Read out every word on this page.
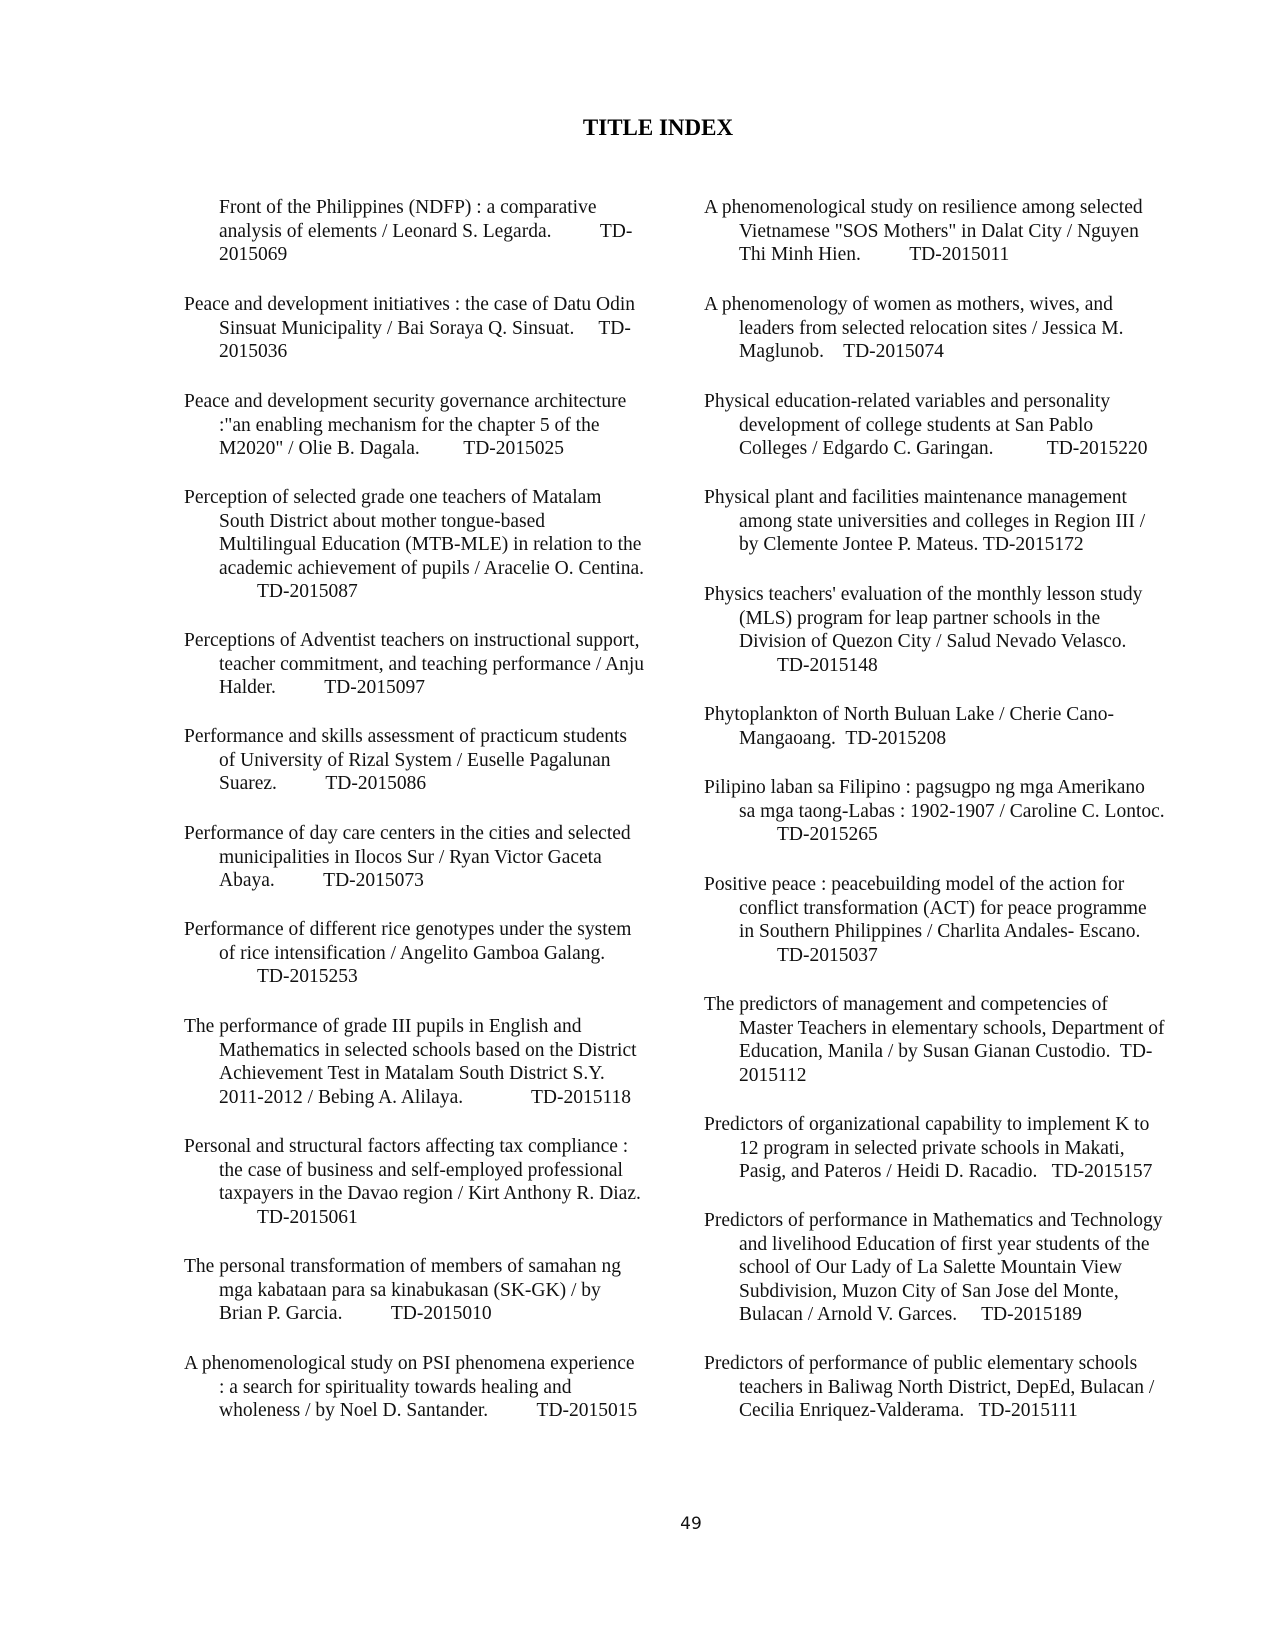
TITLE INDEX
Front of the Philippines (NDFP) : a comparative
analysis of elements / Leonard S. Legarda.          TD-
2015069
Peace and development initiatives : the case of Datu Odin
Sinsuat Municipality / Bai Soraya Q. Sinsuat.     TD-
2015036
Peace and development security governance architecture
:"an enabling mechanism for the chapter 5 of the
M2020" / Olie B. Dagala.         TD-2015025
Perception of selected grade one teachers of Matalam
South District about mother tongue-based
Multilingual Education (MTB-MLE) in relation to the
academic achievement of pupils / Aracelie O. Centina.
TD-2015087
Perceptions of Adventist teachers on instructional support,
teacher commitment, and teaching performance / Anju
Halder.          TD-2015097
Performance and skills assessment of practicum students
of University of Rizal System / Euselle Pagalunan
Suarez.          TD-2015086
Performance of day care centers in the cities and selected
municipalities in Ilocos Sur / Ryan Victor Gaceta
Abaya.          TD-2015073
Performance of different rice genotypes under the system
of rice intensification / Angelito Gamboa Galang.
TD-2015253
The performance of grade III pupils in English and
Mathematics in selected schools based on the District
Achievement Test in Matalam South District S.Y.
2011-2012 / Bebing A. Alilaya.              TD-2015118
Personal and structural factors affecting tax compliance :
the case of business and self-employed professional
taxpayers in the Davao region / Kirt Anthony R. Diaz.
TD-2015061
The personal transformation of members of samahan ng
mga kabataan para sa kinabukasan (SK-GK) / by
Brian P. Garcia.          TD-2015010
A phenomenological study on PSI phenomena experience
: a search for spirituality towards healing and
wholeness / by Noel D. Santander.          TD-2015015
A phenomenological study on resilience among selected
Vietnamese "SOS Mothers" in Dalat City / Nguyen
Thi Minh Hien.          TD-2015011
A phenomenology of women as mothers, wives, and
leaders from selected relocation sites / Jessica M.
Maglunob.    TD-2015074
Physical education-related variables and personality
development of college students at San Pablo
Colleges / Edgardo C. Garingan.           TD-2015220
Physical plant and facilities maintenance management
among state universities and colleges in Region III /
by Clemente Jontee P. Mateus. TD-2015172
Physics teachers' evaluation of the monthly lesson study
(MLS) program for leap partner schools in the
Division of Quezon City / Salud Nevado Velasco.
TD-2015148
Phytoplankton of North Buluan Lake / Cherie Cano-
Mangaoang.  TD-2015208
Pilipino laban sa Filipino : pagsugpo ng mga Amerikano
sa mga taong-Labas : 1902-1907 / Caroline C. Lontoc.
TD-2015265
Positive peace : peacebuilding model of the action for
conflict transformation (ACT) for peace programme
in Southern Philippines / Charlita Andales- Escano.
TD-2015037
The predictors of management and competencies of
Master Teachers in elementary schools, Department of
Education, Manila / by Susan Gianan Custodio.  TD-
2015112
Predictors of organizational capability to implement K to
12 program in selected private schools in Makati,
Pasig, and Pateros / Heidi D. Racadio.   TD-2015157
Predictors of performance in Mathematics and Technology
and livelihood Education of first year students of the
school of Our Lady of La Salette Mountain View
Subdivision, Muzon City of San Jose del Monte,
Bulacan / Arnold V. Garces.     TD-2015189
Predictors of performance of public elementary schools
teachers in Baliwag North District, DepEd, Bulacan /
Cecilia Enriquez-Valderama.   TD-2015111
49
